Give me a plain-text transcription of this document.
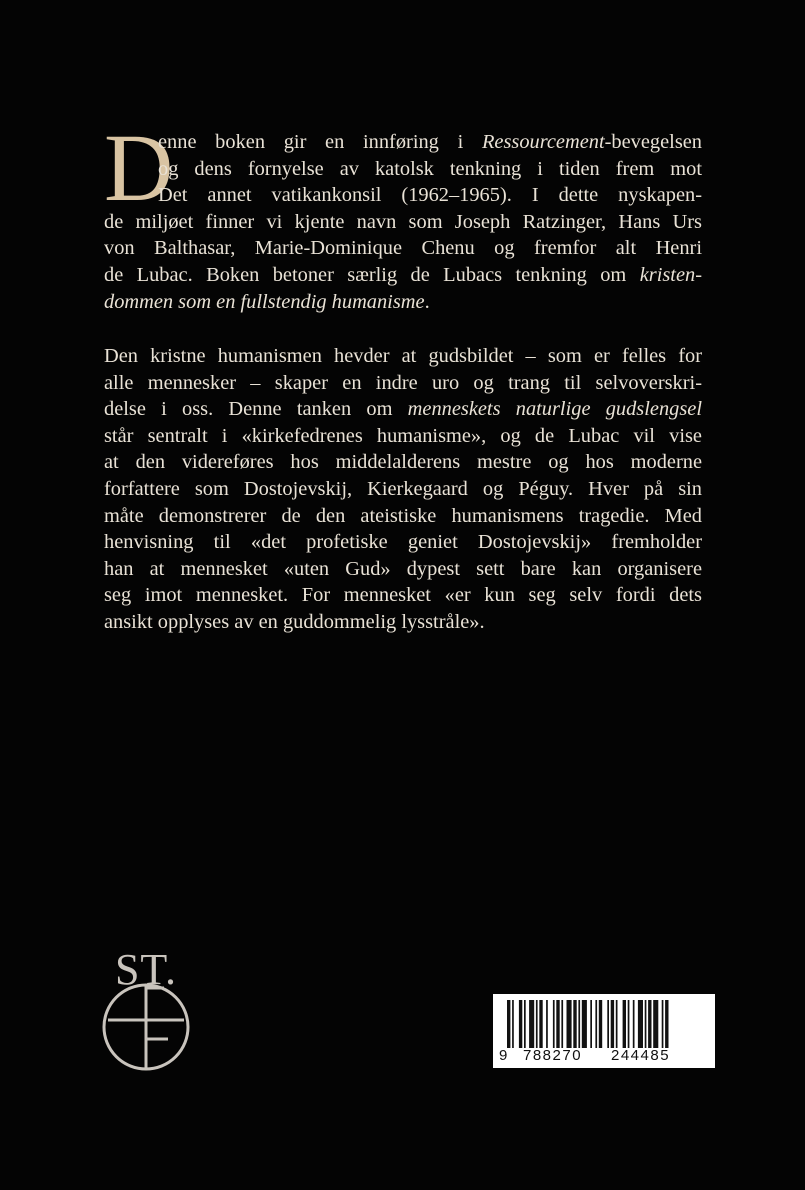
D
enne boken gir en innføring i Ressourcement-bevegelsen
og dens fornyelse av katolsk tenkning i tiden frem mot
Det annet vatikankonsil (1962–1965). I dette nyskapen-
de miljøet finner vi kjente navn som Joseph Ratzinger, Hans Urs
von Balthasar, Marie-Dominique Chenu og fremfor alt Henri
de Lubac. Boken betoner særlig de Lubacs tenkning om kristen-
dommen som en fullstendig humanisme.
Den kristne humanismen hevder at gudsbildet – som er felles for
alle mennesker – skaper en indre uro og trang til selvoverskri-
delse i oss. Denne tanken om menneskets naturlige gudslengsel
står sentralt i «kirkefedrenes humanisme», og de Lubac vil vise
at den videreføres hos middelalderens mestre og hos moderne
forfattere som Dostojevskij, Kierkegaard og Péguy. Hver på sin
måte demonstrerer de den ateistiske humanismens tragedie. Med
henvisning til «det profetiske geniet Dostojevskij» fremholder
han at mennesket «uten Gud» dypest sett bare kan organisere
seg imot mennesket. For mennesket «er kun seg selv fordi dets
ansikt opplyses av en guddommelig lysstråle».
ST.
9 788270 244485
